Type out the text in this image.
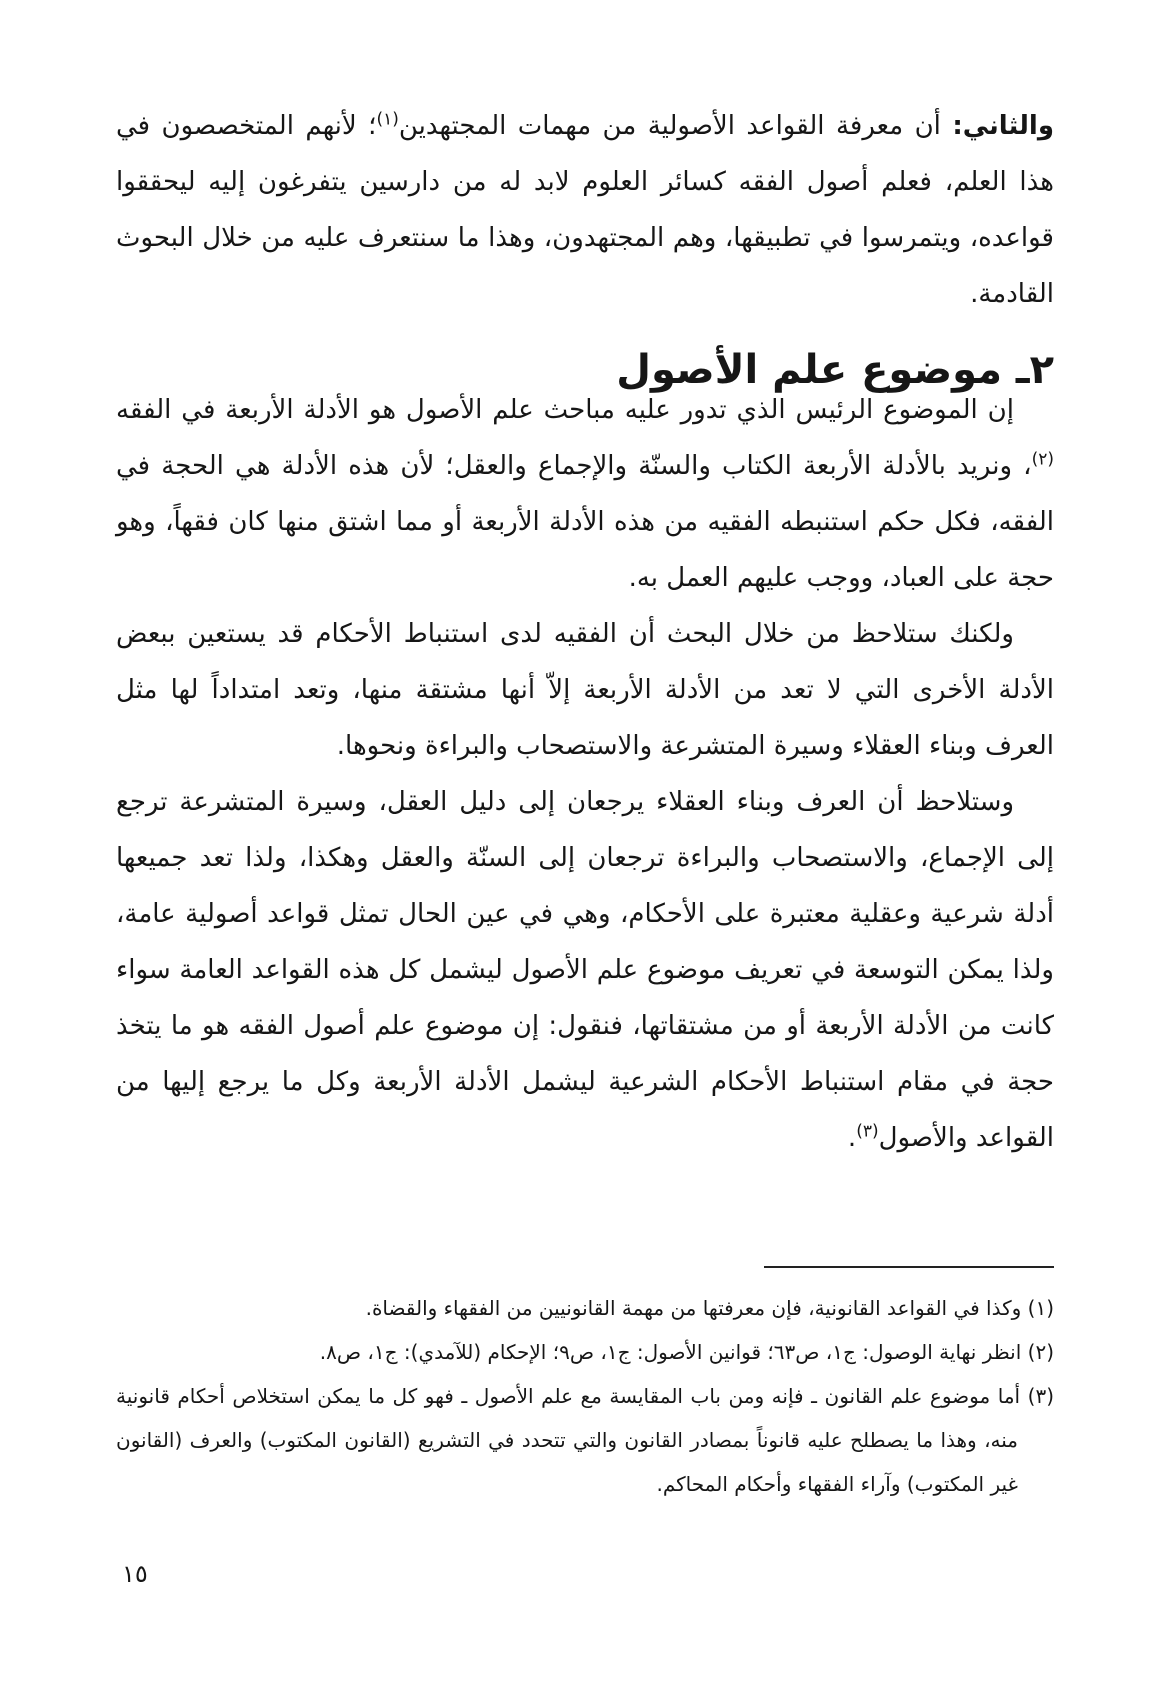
والثاني: أن معرفة القواعد الأصولية من مهمات المجتهدين$^{(١)}$؛ لأنهم المتخصصون في هذا العلم، فعلم أصول الفقه كسائر العلوم لابد له من دارسين يتفرغون إليه ليحققوا قواعده، ويتمرسوا في تطبيقها، وهم المجتهدون، وهذا ما سنتعرف عليه من خلال البحوث القادمة.

٢ـ موضوع علم الأصول

إن الموضوع الرئيس الذي تدور عليه مباحث علم الأصول هو الأدلة الأربعة في الفقه $^{(٢)}$، ونريد بالأدلة الأربعة الكتاب والسنّة والإجماع والعقل؛ لأن هذه الأدلة هي الحجة في الفقه، فكل حكم استنبطه الفقيه من هذه الأدلة الأربعة أو مما اشتق منها كان فقهاً، وهو حجة على العباد، ووجب عليهم العمل به.

ولكنك ستلاحظ من خلال البحث أن الفقيه لدى استنباط الأحكام قد يستعين ببعض الأدلة الأخرى التي لا تعد من الأدلة الأربعة إلاّ أنها مشتقة منها، وتعد امتداداً لها مثل العرف وبناء العقلاء وسيرة المتشرعة والاستصحاب والبراءة ونحوها.

وستلاحظ أن العرف وبناء العقلاء يرجعان إلى دليل العقل، وسيرة المتشرعة ترجع إلى الإجماع، والاستصحاب والبراءة ترجعان إلى السنّة والعقل وهكذا، ولذا تعد جميعها أدلة شرعية وعقلية معتبرة على الأحكام، وهي في عين الحال تمثل قواعد أصولية عامة، ولذا يمكن التوسعة في تعريف موضوع علم الأصول ليشمل كل هذه القواعد العامة سواء كانت من الأدلة الأربعة أو من مشتقاتها، فنقول: إن موضوع علم أصول الفقه هو ما يتخذ حجة في مقام استنباط الأحكام الشرعية ليشمل الأدلة الأربعة وكل ما يرجع إليها من القواعد والأصول$^{(٣)}$.

(١) وكذا في القواعد القانونية، فإن معرفتها من مهمة القانونيين من الفقهاء والقضاة.

(٢) انظر نهاية الوصول: ج١، ص٦٣؛ قوانين الأصول: ج١، ص٩؛ الإحكام (للآمدي): ج١، ص٨.

(٣) أما موضوع علم القانون ـ فإنه ومن باب المقايسة مع علم الأصول ـ فهو كل ما يمكن استخلاص أحكام قانونية منه، وهذا ما يصطلح عليه قانوناً بمصادر القانون والتي تتحدد في التشريع (القانون المكتوب) والعرف (القانون غير المكتوب) وآراء الفقهاء وأحكام المحاكم.

١٥
